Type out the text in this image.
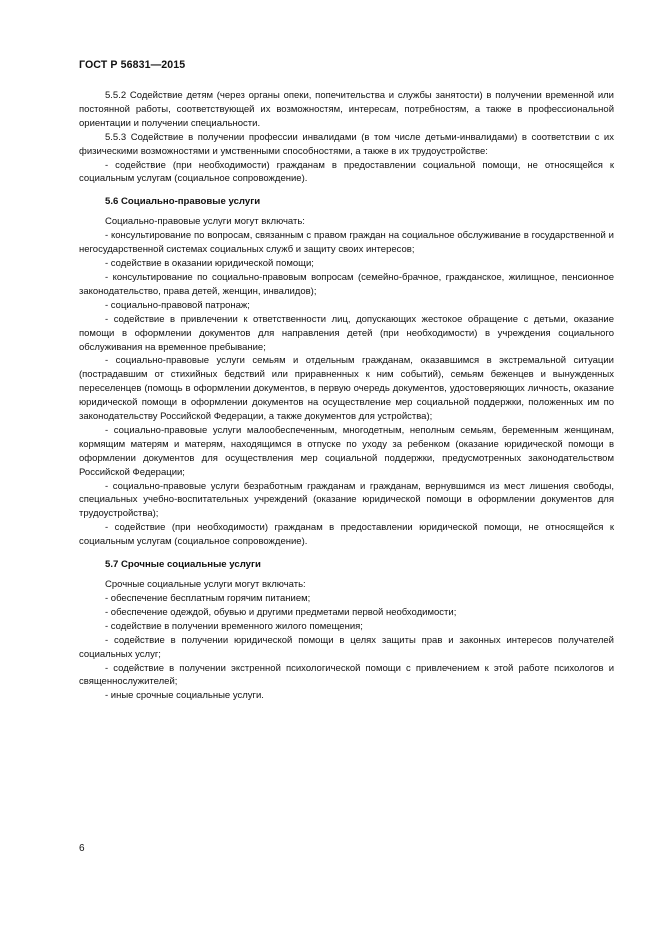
ГОСТ Р 56831—2015

5.5.2 Содействие детям (через органы опеки, попечительства и службы занятости) в получении временной или постоянной работы, соответствующей их возможностям, интересам, потребностям, а также в профессиональной ориентации и получении специальности.

5.5.3 Содействие в получении профессии инвалидами (в том числе детьми-инвалидами) в соответствии с их физическими возможностями и умственными способностями, а также в их трудоустройстве:

- содействие (при необходимости) гражданам в предоставлении социальной помощи, не относящейся к социальным услугам (социальное сопровождение).

5.6 Социально-правовые услуги

Социально-правовые услуги могут включать:

- консультирование по вопросам, связанным с правом граждан на социальное обслуживание в государственной и негосударственной системах социальных служб и защиту своих интересов;

- содействие в оказании юридической помощи;

- консультирование по социально-правовым вопросам (семейно-брачное, гражданское, жилищное, пенсионное законодательство, права детей, женщин, инвалидов);

- социально-правовой патронаж;

- содействие в привлечении к ответственности лиц, допускающих жестокое обращение с детьми, оказание помощи в оформлении документов для направления детей (при необходимости) в учреждения социального обслуживания на временное пребывание;

- социально-правовые услуги семьям и отдельным гражданам, оказавшимся в экстремальной ситуации (пострадавшим от стихийных бедствий или приравненных к ним событий), семьям беженцев и вынужденных переселенцев (помощь в оформлении документов, в первую очередь документов, удостоверяющих личность, оказание юридической помощи в оформлении документов на осуществление мер социальной поддержки, положенных им по законодательству Российской Федерации, а также документов для устройства);

- социально-правовые услуги малообеспеченным, многодетным, неполным семьям, беременным женщинам, кормящим матерям и матерям, находящимся в отпуске по уходу за ребенком (оказание юридической помощи в оформлении документов для осуществления мер социальной поддержки, предусмотренных законодательством Российской Федерации;

- социально-правовые услуги безработным гражданам и гражданам, вернувшимся из мест лишения свободы, специальных учебно-воспитательных учреждений (оказание юридической помощи в оформлении документов для трудоустройства);

- содействие (при необходимости) гражданам в предоставлении юридической помощи, не относящейся к социальным услугам (социальное сопровождение).

5.7 Срочные социальные услуги

Срочные социальные услуги могут включать:

- обеспечение бесплатным горячим питанием;

- обеспечение одеждой, обувью и другими предметами первой необходимости;

- содействие в получении временного жилого помещения;

- содействие в получении юридической помощи в целях защиты прав и законных интересов получателей социальных услуг;

- содействие в получении экстренной психологической помощи с привлечением к этой работе психологов и священнослужителей;

- иные срочные социальные услуги.

6
